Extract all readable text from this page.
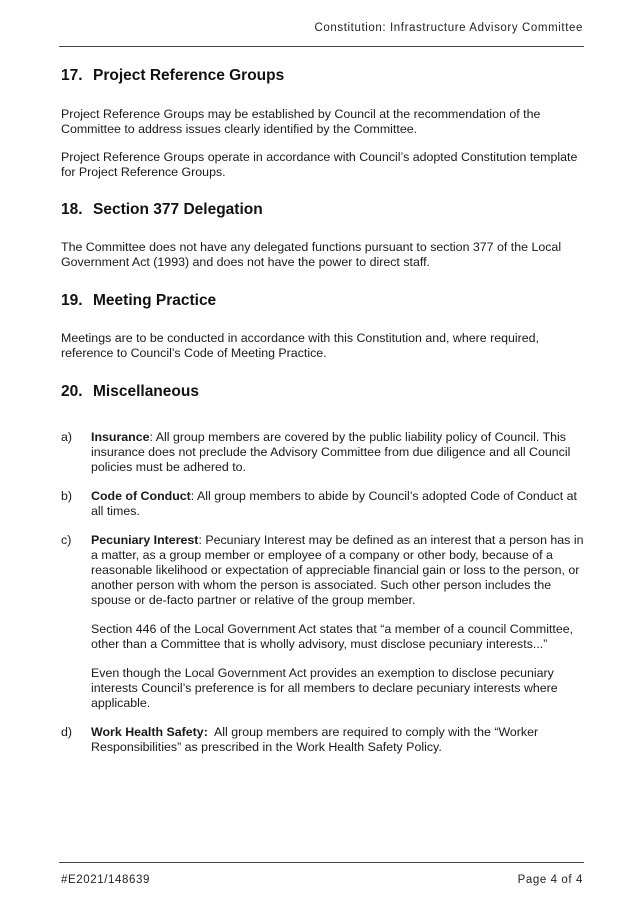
Constitution: Infrastructure Advisory Committee
17. Project Reference Groups

Project Reference Groups may be established by Council at the recommendation of the Committee to address issues clearly identified by the Committee.

Project Reference Groups operate in accordance with Council’s adopted Constitution template for Project Reference Groups.

18. Section 377 Delegation

The Committee does not have any delegated functions pursuant to section 377 of the Local Government Act (1993) and does not have the power to direct staff.

19. Meeting Practice

Meetings are to be conducted in accordance with this Constitution and, where required, reference to Council’s Code of Meeting Practice.

20. Miscellaneous
a)	Insurance: All group members are covered by the public liability policy of Council. This insurance does not preclude the Advisory Committee from due diligence and all Council policies must be adhered to.

b)	Code of Conduct: All group members to abide by Council’s adopted Code of Conduct at all times.

c)	Pecuniary Interest: Pecuniary Interest may be defined as an interest that a person has in a matter, as a group member or employee of a company or other body, because of a reasonable likelihood or expectation of appreciable financial gain or loss to the person, or another person with whom the person is associated. Such other person includes the spouse or de-facto partner or relative of the group member.

Section 446 of the Local Government Act states that “a member of a council Committee, other than a Committee that is wholly advisory, must disclose pecuniary interests...”

Even though the Local Government Act provides an exemption to disclose pecuniary interests Council’s preference is for all members to declare pecuniary interests where applicable.

d)	Work Health Safety:  All group members are required to comply with the “Worker Responsibilities” as prescribed in the Work Health Safety Policy.

#E2021/148639	Page 4 of 4
